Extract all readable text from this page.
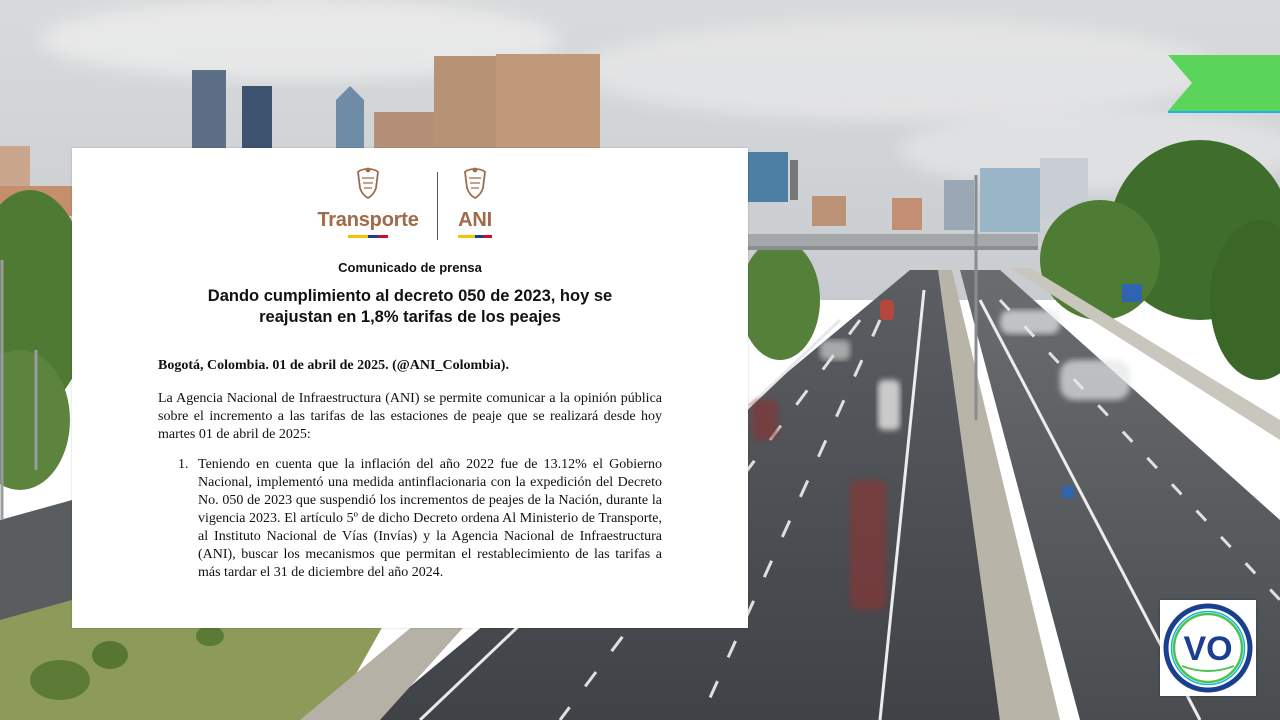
Transporte	ANI
Comunicado de prensa
Dando cumplimiento al decreto 050 de 2023, hoy se
reajustan en 1,8% tarifas de los peajes
Bogotá, Colombia. 01 de abril de 2025. (@ANI_Colombia).
La Agencia Nacional de Infraestructura (ANI) se permite comunicar a la opinión pública sobre el incremento a las tarifas de las estaciones de peaje que se realizará desde hoy martes 01 de abril de 2025:
1. Teniendo en cuenta que la inflación del año 2022 fue de 13.12% el Gobierno Nacional, implementó una medida antinflacionaria con la expedición del Decreto No. 050 de 2023 que suspendió los incrementos de peajes de la Nación, durante la vigencia 2023. El artículo 5º de dicho Decreto ordena Al Ministerio de Transporte, al Instituto Nacional de Vías (Invías) y la Agencia Nacional de Infraestructura (ANI), buscar los mecanismos que permitan el restablecimiento de las tarifas a más tardar el 31 de diciembre del año 2024.
VO
